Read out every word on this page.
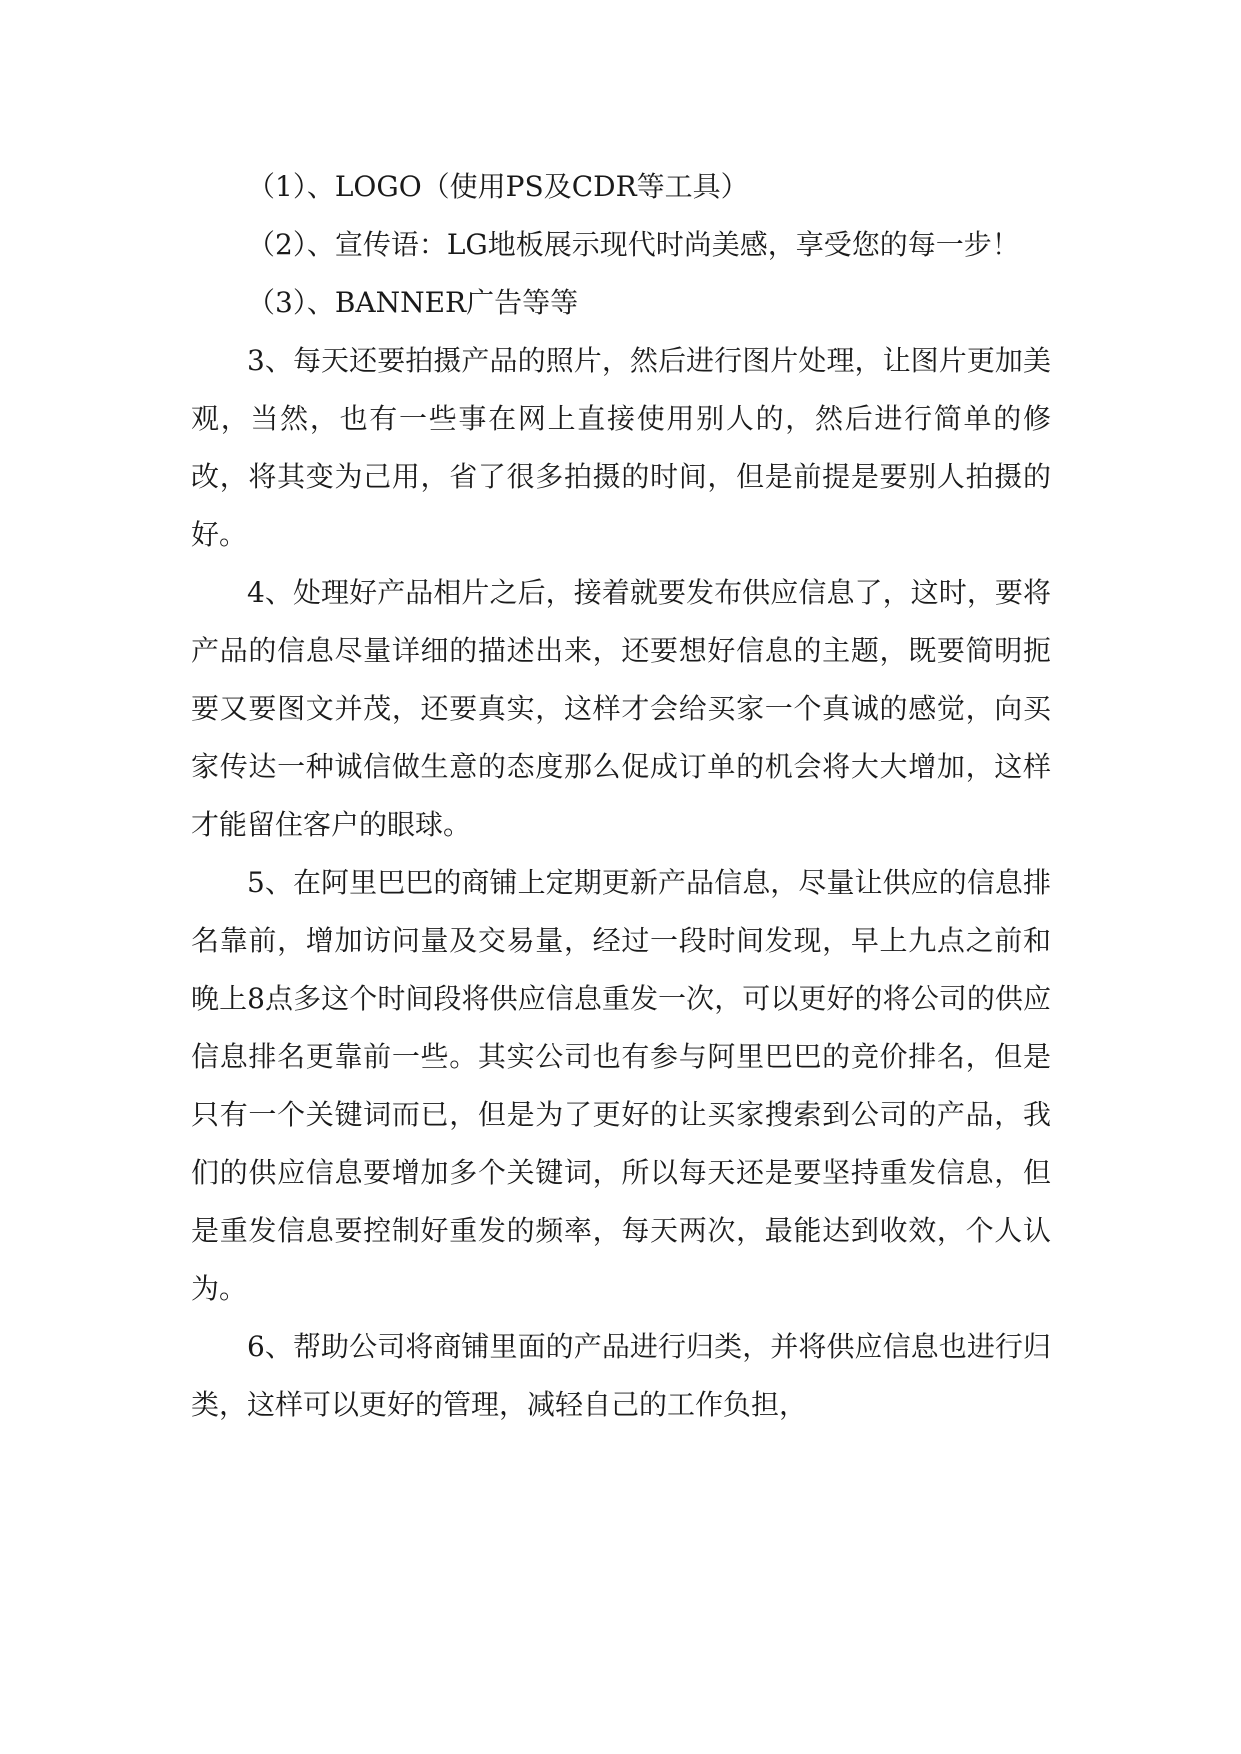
（1）、LOGO（使用PS及CDR等工具）

（2）、宣传语：LG地板展示现代时尚美感，享受您的每一步！

（3）、BANNER广告等等

3、每天还要拍摄产品的照片，然后进行图片处理，让图片更加美观，当然，也有一些事在网上直接使用别人的，然后进行简单的修改，将其变为己用，省了很多拍摄的时间，但是前提是要别人拍摄的好。

4、处理好产品相片之后，接着就要发布供应信息了，这时，要将产品的信息尽量详细的描述出来，还要想好信息的主题，既要简明扼要又要图文并茂，还要真实，这样才会给买家一个真诚的感觉，向买家传达一种诚信做生意的态度那么促成订单的机会将大大增加，这样才能留住客户的眼球。

5、在阿里巴巴的商铺上定期更新产品信息，尽量让供应的信息排名靠前，增加访问量及交易量，经过一段时间发现，早上九点之前和晚上8点多这个时间段将供应信息重发一次，可以更好的将公司的供应信息排名更靠前一些。其实公司也有参与阿里巴巴的竞价排名，但是只有一个关键词而已，但是为了更好的让买家搜索到公司的产品，我们的供应信息要增加多个关键词，所以每天还是要坚持重发信息，但是重发信息要控制好重发的频率，每天两次，最能达到收效，个人认为。

6、帮助公司将商铺里面的产品进行归类，并将供应信息也进行归类，这样可以更好的管理，减轻自己的工作负担，
